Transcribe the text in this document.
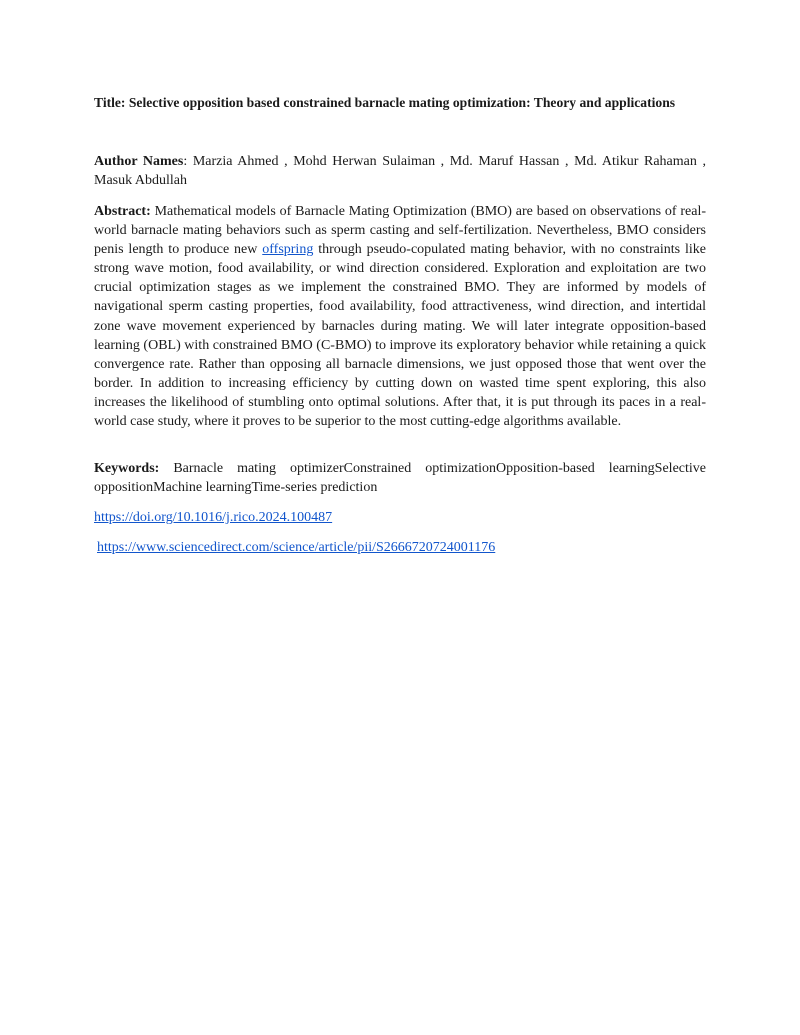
Title: Selective opposition based constrained barnacle mating optimization: Theory and applications
Author Names: Marzia Ahmed , Mohd Herwan Sulaiman , Md. Maruf Hassan , Md. Atikur Rahaman , Masuk Abdullah
Abstract: Mathematical models of Barnacle Mating Optimization (BMO) are based on observations of real-world barnacle mating behaviors such as sperm casting and self-fertilization. Nevertheless, BMO considers penis length to produce new offspring through pseudo-copulated mating behavior, with no constraints like strong wave motion, food availability, or wind direction considered. Exploration and exploitation are two crucial optimization stages as we implement the constrained BMO. They are informed by models of navigational sperm casting properties, food availability, food attractiveness, wind direction, and intertidal zone wave movement experienced by barnacles during mating. We will later integrate opposition-based learning (OBL) with constrained BMO (C-BMO) to improve its exploratory behavior while retaining a quick convergence rate. Rather than opposing all barnacle dimensions, we just opposed those that went over the border. In addition to increasing efficiency by cutting down on wasted time spent exploring, this also increases the likelihood of stumbling onto optimal solutions. After that, it is put through its paces in a real-world case study, where it proves to be superior to the most cutting-edge algorithms available.
Keywords: Barnacle mating optimizerConstrained optimizationOpposition-based learningSelective oppositionMachine learningTime-series prediction
https://doi.org/10.1016/j.rico.2024.100487
https://www.sciencedirect.com/science/article/pii/S2666720724001176
